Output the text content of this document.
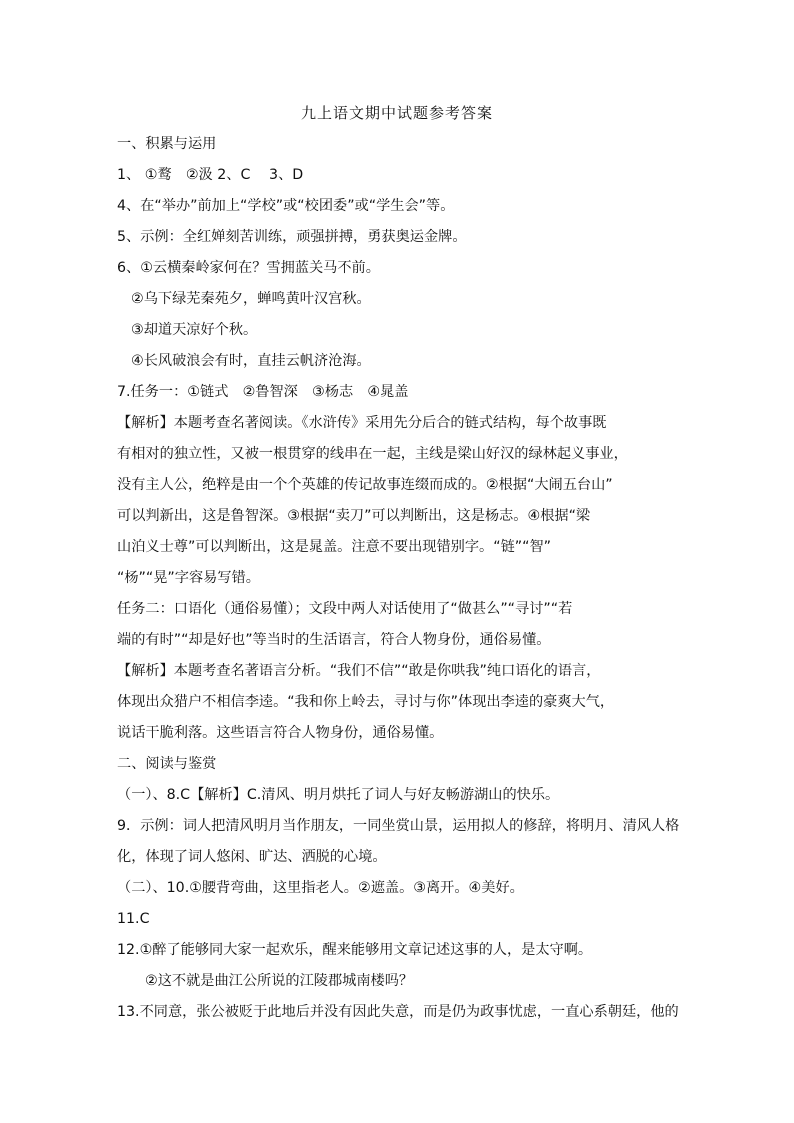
九上语文期中试题参考答案
一、积累与运用
1、 ①鹜　②汲 2、C　 3、D
4、在“举办”前加上“学校”或“校团委”或“学生会”等。
5、示例：全红婵刻苦训练，顽强拼搏，勇获奥运金牌。
6、①云横秦岭家何在？雪拥蓝关马不前。
②乌下绿芜秦苑夕，蝉鸣黄叶汉宫秋。
③却道天凉好个秋。
④长风破浪会有时，直挂云帆济沧海。
7.任务一：①链式　②鲁智深　③杨志　④晁盖
【解析】本题考查名著阅读。《水浒传》采用先分后合的链式结构，每个故事既
有相对的独立性，又被一根贯穿的线串在一起，主线是梁山好汉的绿林起义事业，
没有主人公，绝粹是由一个个英雄的传记故事连缀而成的。②根据“大闹五台山”
可以判新出，这是鲁智深。③根据“卖刀”可以判断出，这是杨志。④根据“梁
山泊义士尊”可以判断出，这是晁盖。注意不要出现错别字。“链”“智”
“杨”“晃”字容易写错。
任务二：口语化（通俗易懂）；文段中两人对话使用了“做甚么”“寻讨”“若
端的有时”“却是好也”等当时的生活语言，符合人物身份，通俗易懂。
【解析】本题考查名著语言分析。“我们不信”“敢是你哄我”纯口语化的语言，
体现出众猎户不相信李逵。“我和你上岭去，寻讨与你”体现出李逵的豪爽大气，
说话干脆利落。这些语言符合人物身份，通俗易懂。
二、阅读与鉴赏
（一）、8.C【解析】C.清风、明月烘托了词人与好友畅游湖山的快乐。
9．示例：词人把清风明月当作朋友，一同坐赏山景，运用拟人的修辞，将明月、清风人格
化，体现了词人悠闲、旷达、洒脱的心境。
（二）、10.①腰背弯曲，这里指老人。②遮盖。③离开。④美好。
11.C
12.①醉了能够同大家一起欢乐，醒来能够用文章记述这事的人，是太守啊。
②这不就是曲江公所说的江陵郡城南楼吗？
13.不同意，张公被贬于此地后并没有因此失意，而是仍为政事忧虑，一直心系朝廷，他的
